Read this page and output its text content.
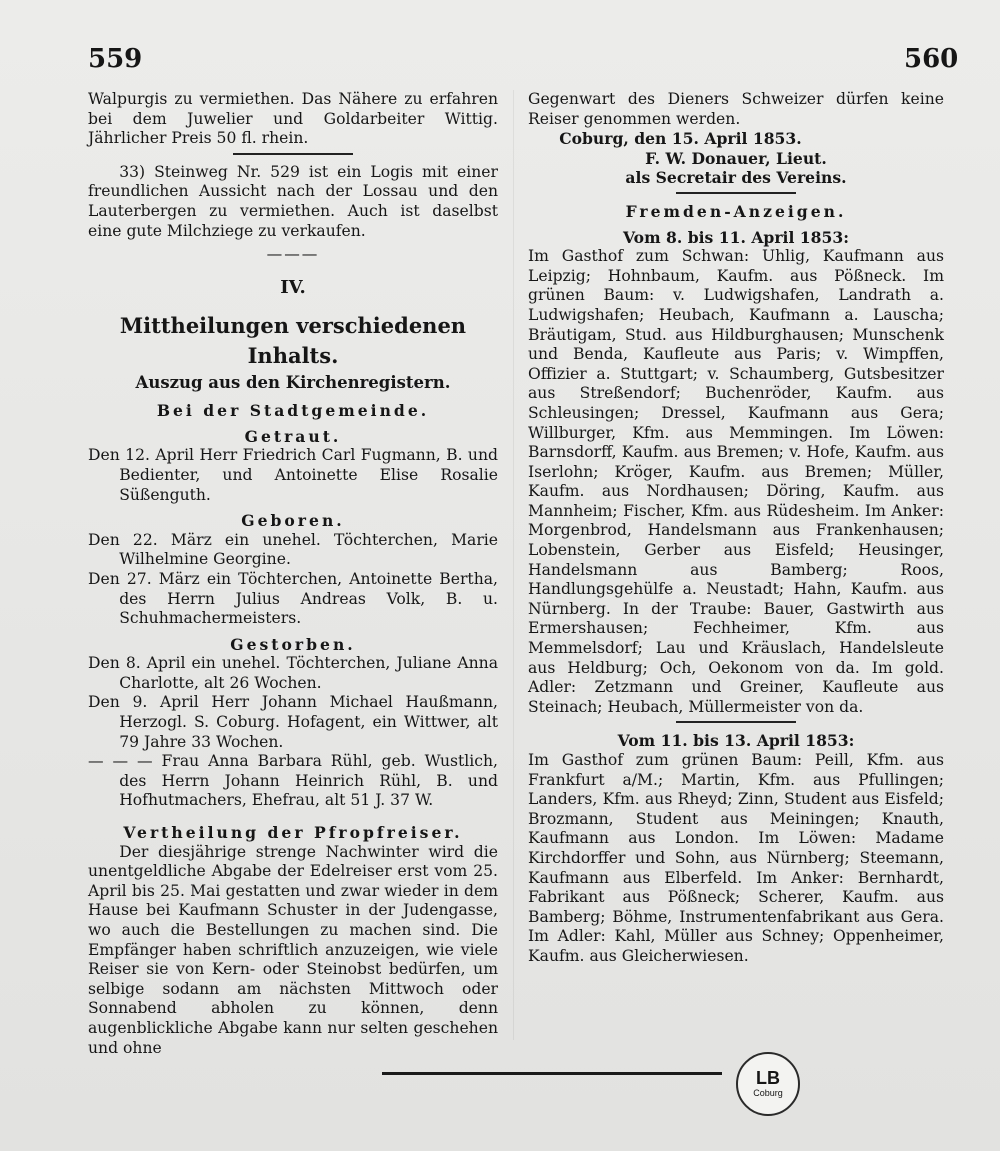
559	560

Walpurgis zu vermiethen. Das Nähere zu erfahren bei dem Juwelier und Goldarbeiter Wittig. Jährlicher Preis 50 fl. rhein.

33) Steinweg Nr. 529 ist ein Logis mit einer freundlichen Aussicht nach der Lossau und den Lauterbergen zu vermiethen. Auch ist daselbst eine gute Milchziege zu verkaufen.

———
IV.
Mittheilungen verschiedenen Inhalts.
Auszug aus den Kirchenregistern.
Bei der Stadtgemeinde.
Getraut.

Den 12. April Herr Friedrich Carl Fugmann, B. und Bedienter, und Antoinette Elise Rosalie Süßenguth.

Geboren.

Den 22. März ein unehel. Töchterchen, Marie Wilhelmine Georgine.

Den 27. März ein Töchterchen, Antoinette Bertha, des Herrn Julius Andreas Volk, B. u. Schuhmachermeisters.

Gestorben.

Den 8. April ein unehel. Töchterchen, Juliane Anna Charlotte, alt 26 Wochen.

Den 9. April Herr Johann Michael Haußmann, Herzogl. S. Coburg. Hofagent, ein Wittwer, alt 79 Jahre 33 Wochen.

— — — Frau Anna Barbara Rühl, geb. Wustlich, des Herrn Johann Heinrich Rühl, B. und Hofhutmachers, Ehefrau, alt 51 J. 37 W.

Vertheilung der Pfropfreiser.

Der diesjährige strenge Nachwinter wird die unentgeldliche Abgabe der Edelreiser erst vom 25. April bis 25. Mai gestatten und zwar wieder in dem Hause bei Kaufmann Schuster in der Judengasse, wo auch die Bestellungen zu machen sind. Die Empfänger haben schriftlich anzuzeigen, wie viele Reiser sie von Kern- oder Steinobst bedürfen, um selbige sodann am nächsten Mittwoch oder Sonnabend abholen zu können, denn augenblickliche Abgabe kann nur selten geschehen und ohne

Gegenwart des Dieners Schweizer dürfen keine Reiser genommen werden.

Coburg, den 15. April 1853.

F. W. Donauer, Lieut.

als Secretair des Vereins.

Fremden-Anzeigen.
Vom 8. bis 11. April 1853:

Im Gasthof zum Schwan: Uhlig, Kaufmann aus Leipzig; Hohnbaum, Kaufm. aus Pößneck. Im grünen Baum: v. Ludwigshafen, Landrath a. Ludwigshafen; Heubach, Kaufmann a. Lauscha; Bräutigam, Stud. aus Hildburghausen; Munschenk und Benda, Kaufleute aus Paris; v. Wimpffen, Offizier a. Stuttgart; v. Schaumberg, Gutsbesitzer aus Streßendorf; Buchenröder, Kaufm. aus Schleusingen; Dressel, Kaufmann aus Gera; Willburger, Kfm. aus Memmingen. Im Löwen: Barnsdorff, Kaufm. aus Bremen; v. Hofe, Kaufm. aus Iserlohn; Kröger, Kaufm. aus Bremen; Müller, Kaufm. aus Nordhausen; Döring, Kaufm. aus Mannheim; Fischer, Kfm. aus Rüdesheim. Im Anker: Morgenbrod, Handelsmann aus Frankenhausen; Lobenstein, Gerber aus Eisfeld; Heusinger, Handelsmann aus Bamberg; Roos, Handlungsgehülfe a. Neustadt; Hahn, Kaufm. aus Nürnberg. In der Traube: Bauer, Gastwirth aus Ermershausen; Fechheimer, Kfm. aus Memmelsdorf; Lau und Kräuslach, Handelsleute aus Heldburg; Och, Oekonom von da. Im gold. Adler: Zetzmann und Greiner, Kaufleute aus Steinach; Heubach, Müllermeister von da.

Vom 11. bis 13. April 1853:

Im Gasthof zum grünen Baum: Peill, Kfm. aus Frankfurt a/M.; Martin, Kfm. aus Pfullingen; Landers, Kfm. aus Rheyd; Zinn, Student aus Eisfeld; Brozmann, Student aus Meiningen; Knauth, Kaufmann aus London. Im Löwen: Madame Kirchdorffer und Sohn, aus Nürnberg; Steemann, Kaufmann aus Elberfeld. Im Anker: Bernhardt, Fabrikant aus Pößneck; Scherer, Kaufm. aus Bamberg; Böhme, Instrumentenfabrikant aus Gera. Im Adler: Kahl, Müller aus Schney; Oppenheimer, Kaufm. aus Gleicherwiesen.

LB
Coburg
